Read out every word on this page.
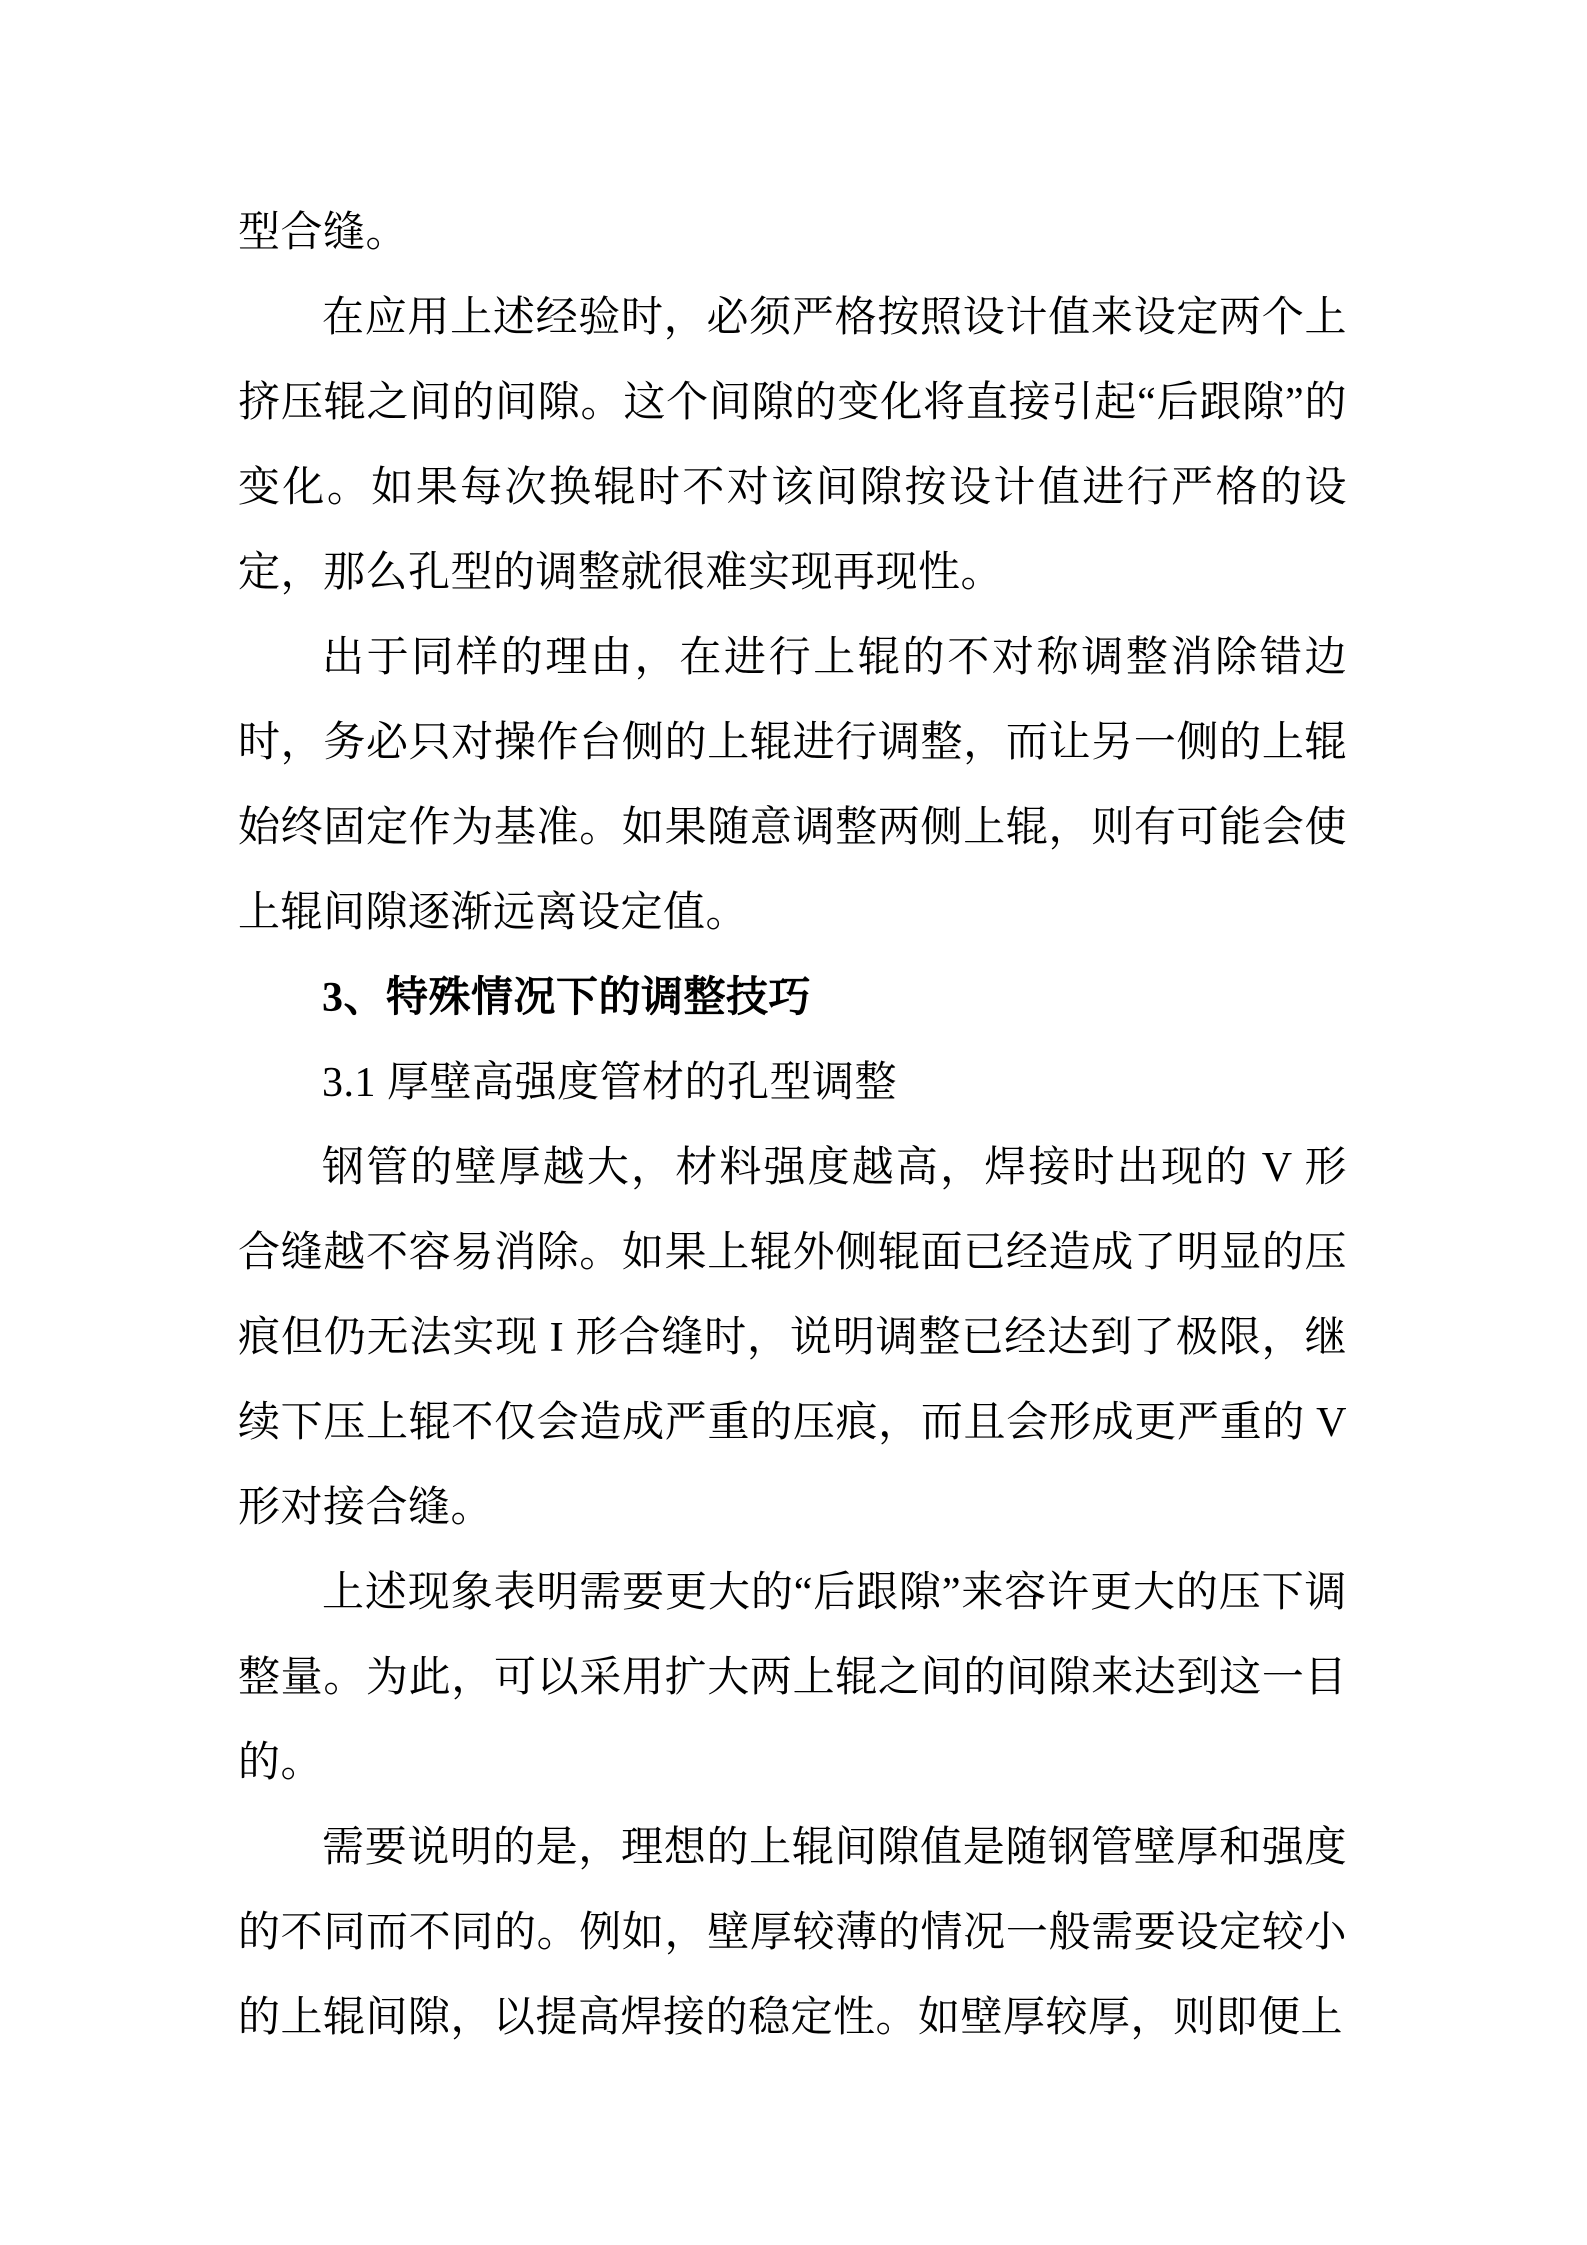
型合缝。

在应用上述经验时，必须严格按照设计值来设定两个上挤压辊之间的间隙。这个间隙的变化将直接引起“后跟隙”的变化。如果每次换辊时不对该间隙按设计值进行严格的设定，那么孔型的调整就很难实现再现性。

出于同样的理由，在进行上辊的不对称调整消除错边时，务必只对操作台侧的上辊进行调整，而让另一侧的上辊始终固定作为基准。如果随意调整两侧上辊，则有可能会使上辊间隙逐渐远离设定值。

3、特殊情况下的调整技巧

3.1 厚壁高强度管材的孔型调整

钢管的壁厚越大，材料强度越高，焊接时出现的 V 形合缝越不容易消除。如果上辊外侧辊面已经造成了明显的压痕但仍无法实现 I 形合缝时，说明调整已经达到了极限，继续下压上辊不仅会造成严重的压痕，而且会形成更严重的 V 形对接合缝。

上述现象表明需要更大的“后跟隙”来容许更大的压下调整量。为此，可以采用扩大两上辊之间的间隙来达到这一目的。

需要说明的是，理想的上辊间隙值是随钢管壁厚和强度的不同而不同的。例如，壁厚较薄的情况一般需要设定较小的上辊间隙，以提高焊接的稳定性。如壁厚较厚，则即便上
